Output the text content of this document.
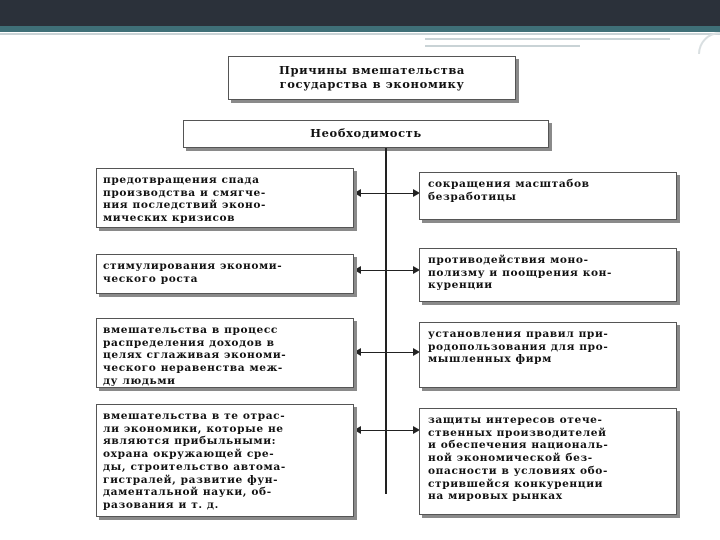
Причины вмешательства
государства в экономику
Необходимость
предотвращения спада
производства и смягче-
ния последствий эконо-
мических кризисов
стимулирования экономи-
ческого роста
вмешательства в процесс
распределения доходов в
целях сглаживая экономи-
ческого неравенства меж-
ду людьми
вмешательства в те отрас-
ли экономики, которые не
являются прибыльными:
охрана окружающей сре-
ды, строительство автома-
гистралей, развитие фун-
даментальной науки, об-
разования и т. д.
сокращения масштабов
безработицы
противодействия моно-
полизму и поощрения кон-
куренции
установления правил при-
родопользования для про-
мышленных фирм
защиты интересов отече-
ственных производителей
и обеспечения националь-
ной экономической без-
опасности в условиях обо-
стрившейся конкуренции
на мировых рынках
